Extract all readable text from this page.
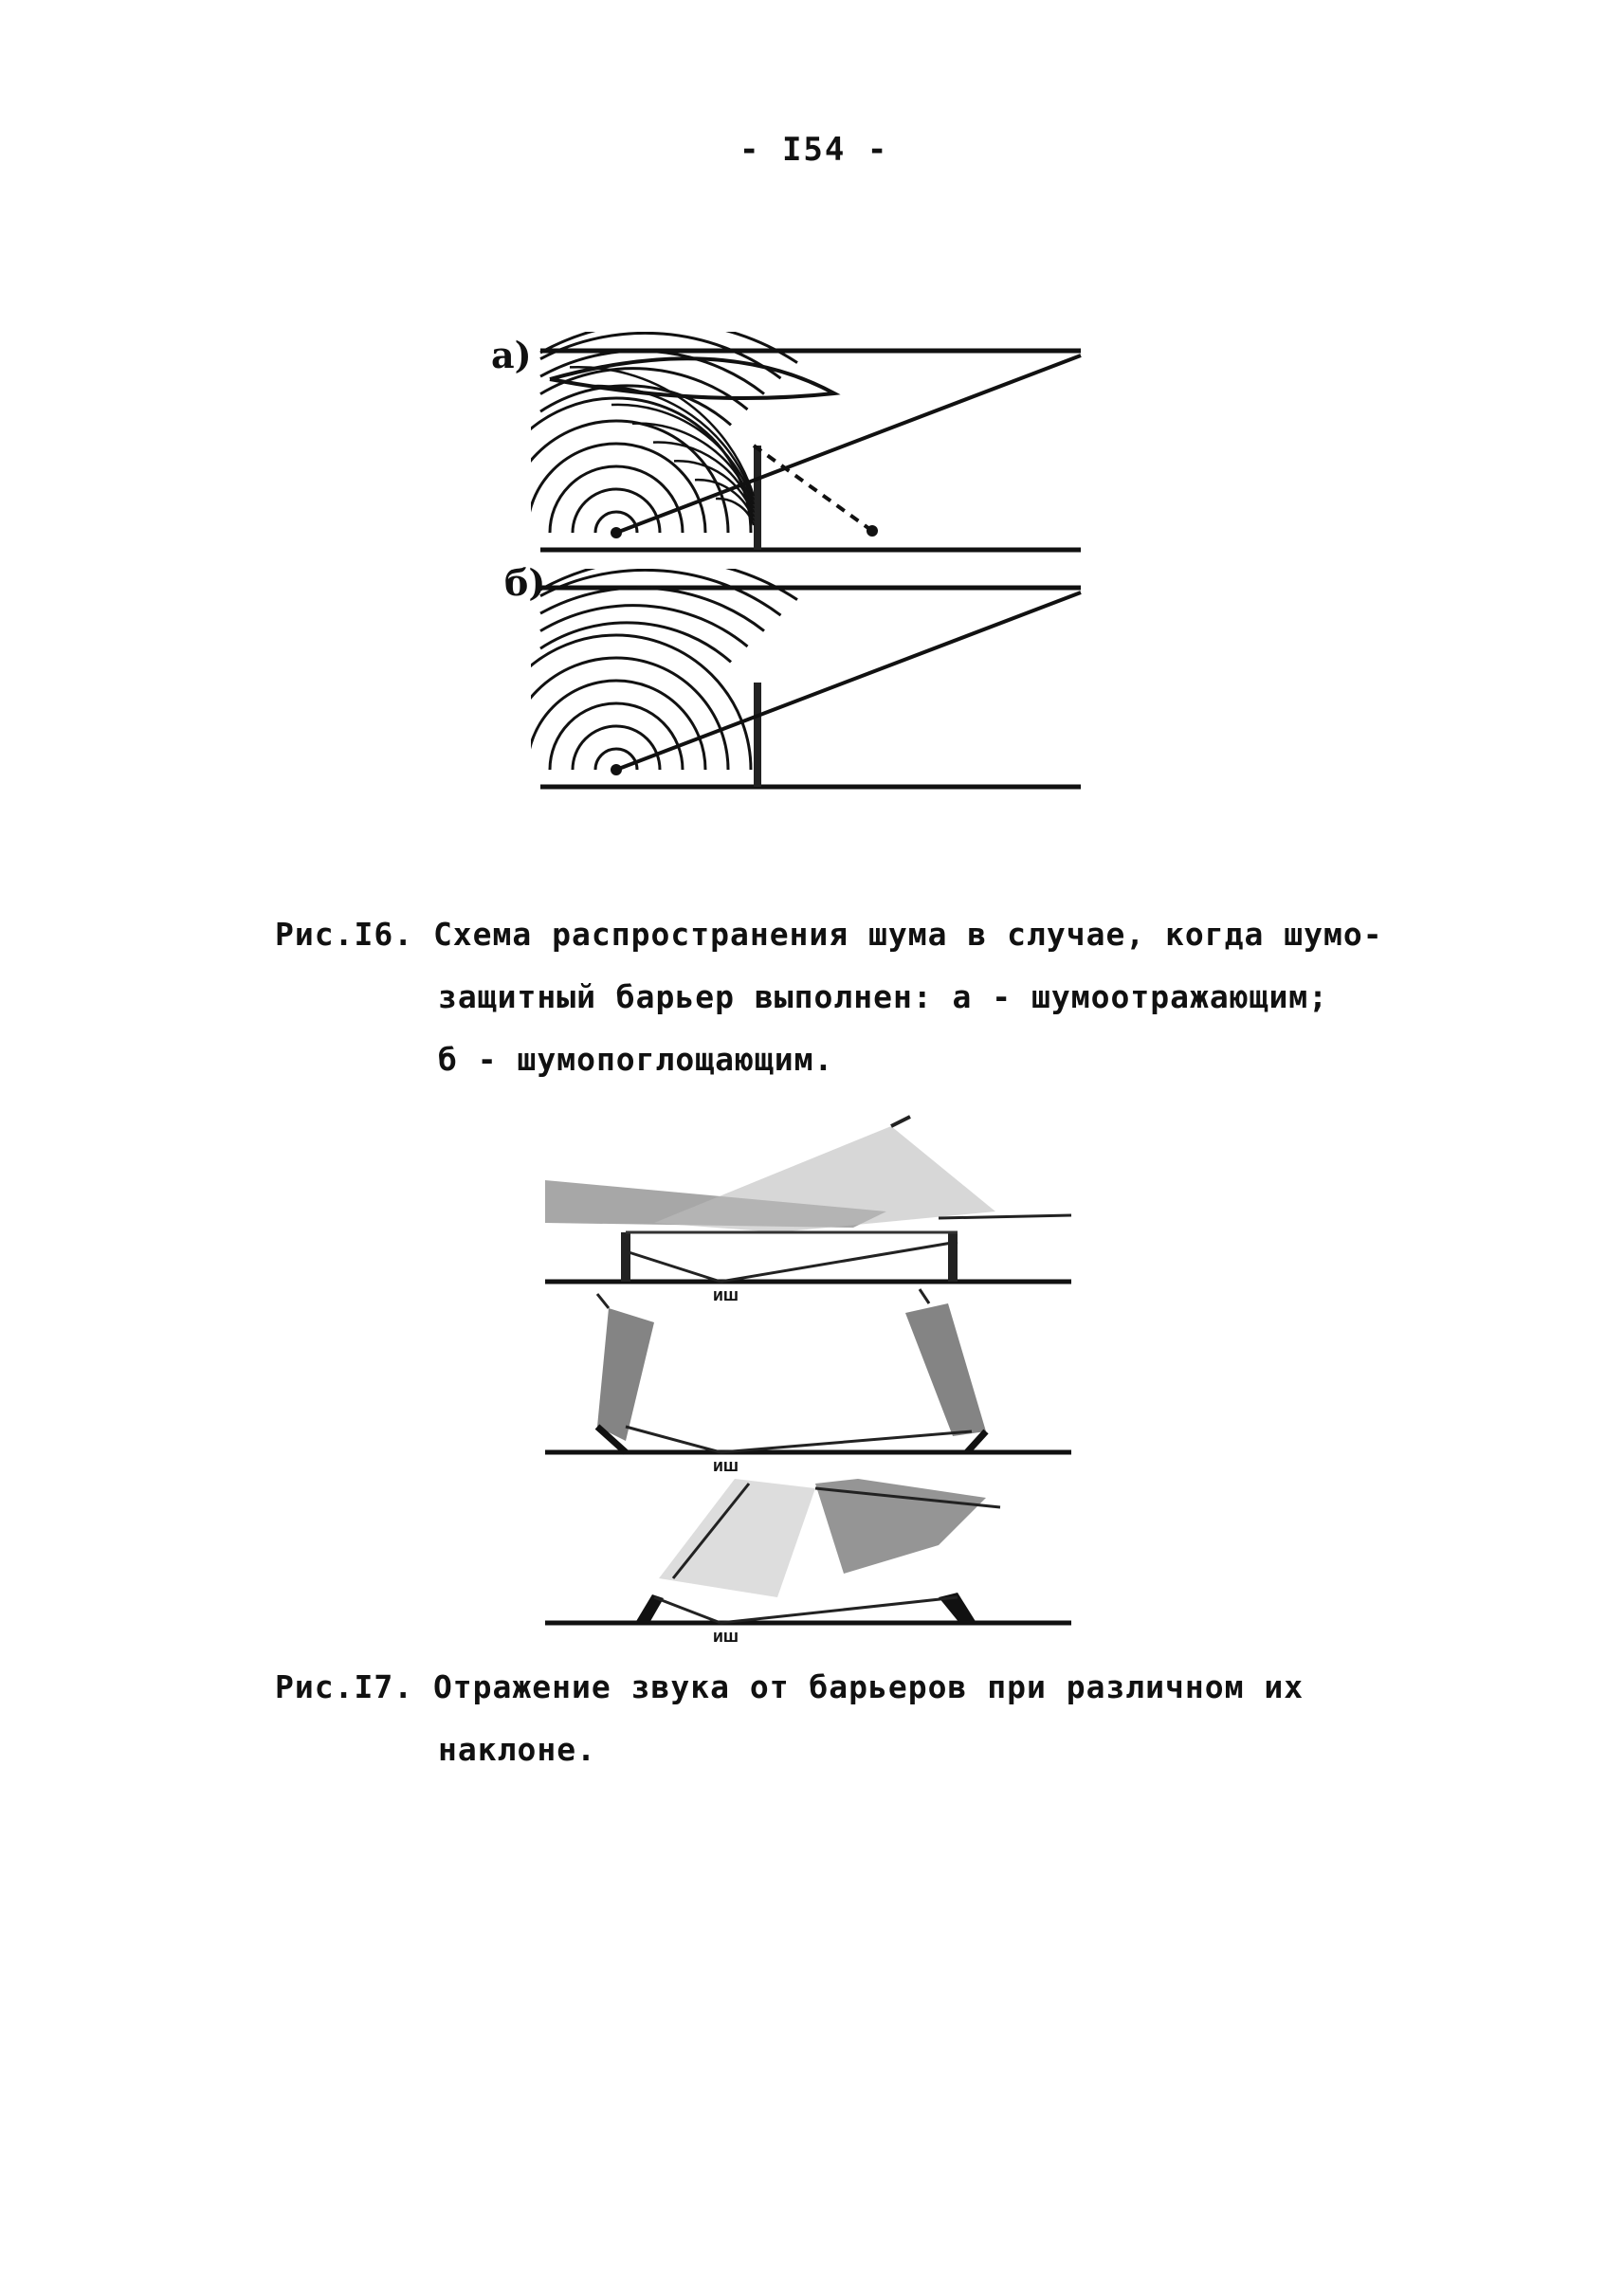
- I54 -
а)
б)
Рис.I6. Схема распространения шума в случае, когда шумо-
защитный барьер выполнен: а - шумоотражающим;
б - шумопоглощающим.
ИШ
ИШ
ИШ
Рис.I7. Отражение звука от барьеров при различном их
наклоне.
